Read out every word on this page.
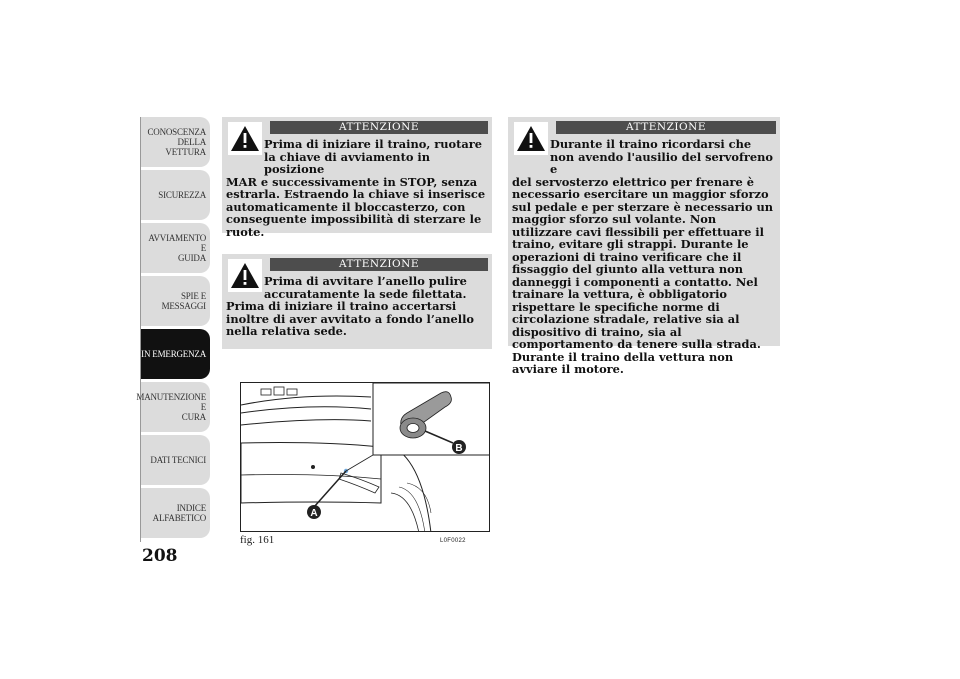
CONOSCENZA
DELLA VETTURA
SICUREZZA
AVVIAMENTO E
GUIDA
SPIE E MESSAGGI
IN EMERGENZA
MANUTENZIONE E
CURA
DATI TECNICI
INDICE
ALFABETICO
208
ATTENZIONE
Prima di iniziare il traino, ruotare la chiave di avviamento in posizione
MAR e successivamente in STOP, senza estrarla. Estraendo la chiave si inserisce automaticamente il bloccasterzo, con conseguente impossibilità di sterzare le ruote.
ATTENZIONE
Prima di avvitare l’anello pulire accuratamente la sede filettata.
Prima di iniziare il traino accertarsi inoltre di aver avvitato a fondo l’anello nella relativa sede.
ATTENZIONE
Durante il traino ricordarsi che non avendo l'ausilio del servofreno e
del servosterzo elettrico per frenare è necessario esercitare un maggior sforzo sul pedale e per sterzare è necessario un maggior sforzo sul volante. Non utilizzare cavi flessibili per effettuare il traino, evitare gli strappi. Durante le operazioni di traino verificare che il fissaggio del giunto alla vettura non danneggi i componenti a contatto. Nel trainare la vettura, è obbligatorio rispettare le specifiche norme di circolazione stradale, relative sia al dispositivo di traino, sia al comportamento da tenere sulla strada. Durante il traino della vettura non avviare il motore.
B
A
fig. 161	L0F0022
